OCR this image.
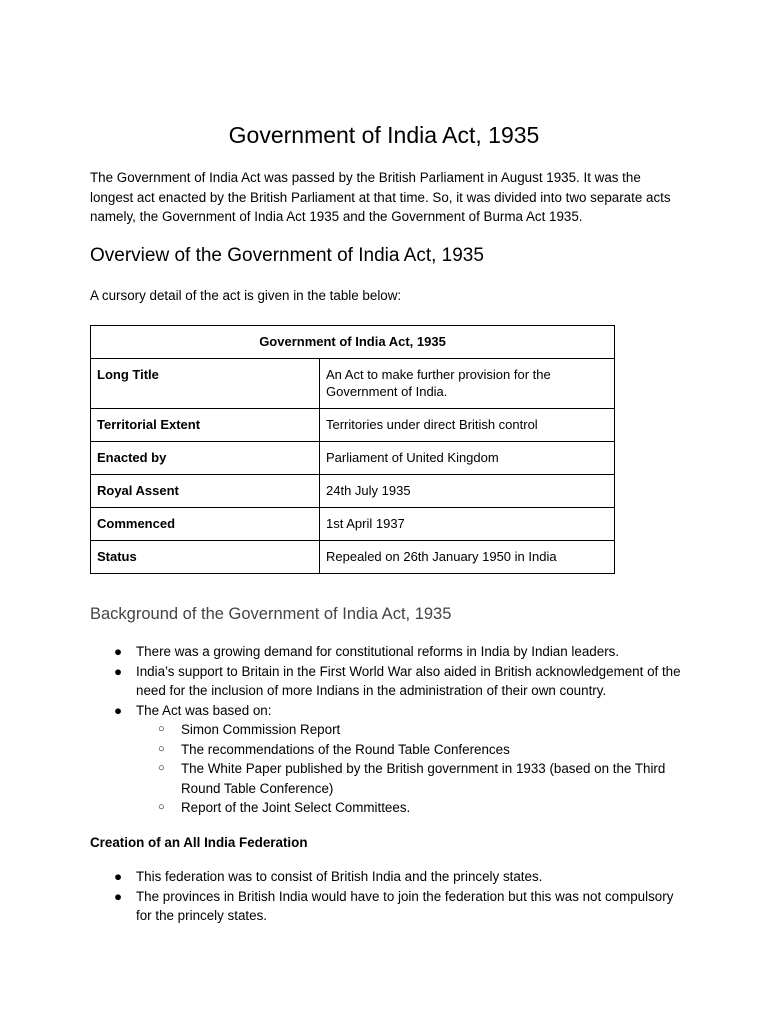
Government of India Act, 1935

The Government of India Act was passed by the British Parliament in August 1935. It was the longest act enacted by the British Parliament at that time. So, it was divided into two separate acts namely, the Government of India Act 1935 and the Government of Burma Act 1935.

Overview of the Government of India Act, 1935

A cursory detail of the act is given in the table below:

Government of India Act, 1935	
Long Title	An Act to make further provision for the Government of India.
Territorial Extent	Territories under direct British control
Enacted by	Parliament of United Kingdom
Royal Assent	24th July 1935
Commenced	1st April 1937
Status	Repealed on 26th January 1950 in India
Background of the Government of India Act, 1935
● There was a growing demand for constitutional reforms in India by Indian leaders.
● India’s support to Britain in the First World War also aided in British acknowledgement of the need for the inclusion of more Indians in the administration of their own country.
● The Act was based on:
○ Simon Commission Report
○ The recommendations of the Round Table Conferences
○ The White Paper published by the British government in 1933 (based on the Third Round Table Conference)
○ Report of the Joint Select Committees.

Creation of an All India Federation

● This federation was to consist of British India and the princely states.
● The provinces in British India would have to join the federation but this was not compulsory for the princely states.
